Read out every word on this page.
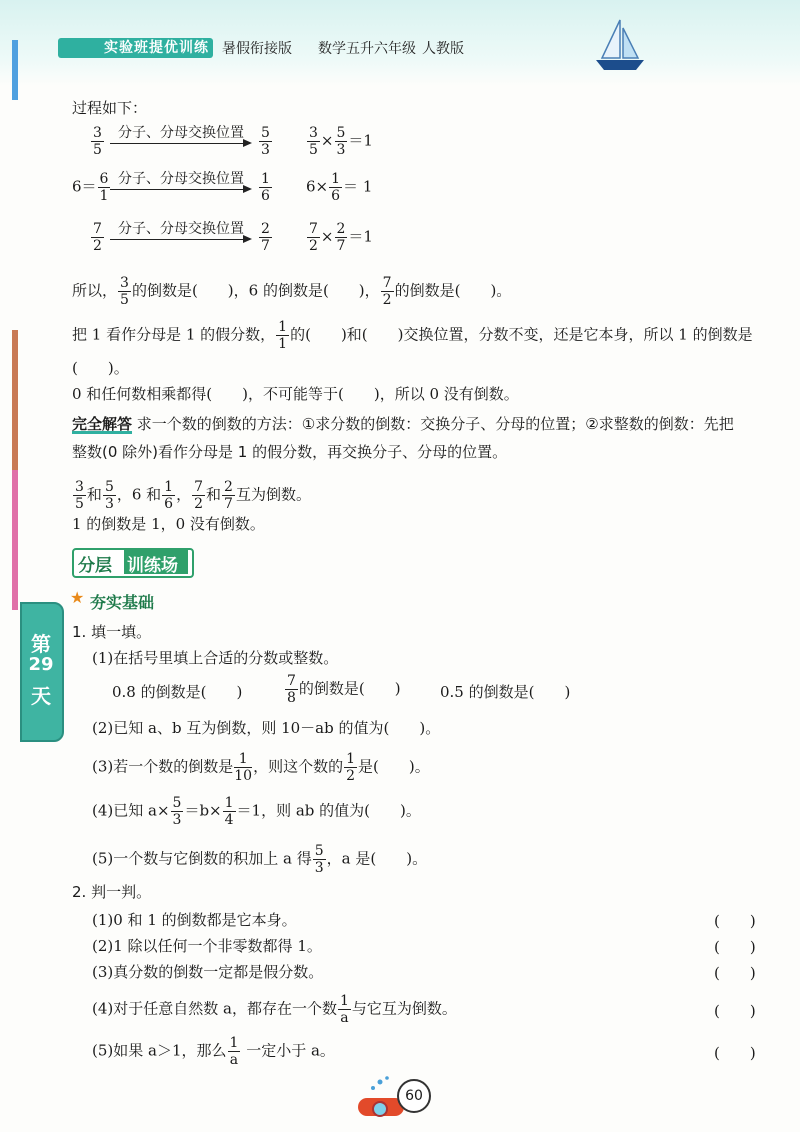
实验班提优训练 暑假衔接版 数学五升六年级 人教版
过程如下：
$\frac{3}{5}$ 分子、分母交换位置 $\frac{5}{3}$	$\frac{3}{5} \times \frac{5}{3} =1$
$6= \frac{6}{1}$ 分子、分母交换位置 $\frac{1}{6} 6\times \frac{1}{6} = 1$
$\frac{7}{2}$ 分子、分母交换位置 $\frac{2}{7}$	$\frac{7}{2} \times \frac{2}{7} =1$
所以， $\frac{3}{5}$ 的倒数是(　　)，6 的倒数是(　　)， $\frac{7}{2}$ 的倒数是(　　)。
把 1 看作分母是 1 的假分数， $\frac{1}{1}$ 的(　　)和(　　)交换位置，分数不变，还是它本身，所以 1 的倒数是
(　　)。
0 和任何数相乘都得(　　)，不可能等于(　　)，所以 0 没有倒数。
完全解答 求一个数的倒数的方法：①求分数的倒数：交换分子、分母的位置；②求整数的倒数：先把
整数(0 除外)看作分母是 1 的假分数，再交换分子、分母的位置。
$\frac{3}{5}$ 和 $\frac{5}{3}$ ，6 和 $\frac{1}{6}$ ， $\frac{7}{2}$ 和 $\frac{2}{7}$ 互为倒数。
1 的倒数是 1，0 没有倒数。
分层 训练场
★ 夯实基础
第
29
天
1. 填一填。
(1)在括号里填上合适的分数或整数。
0.8 的倒数是(　　)	$\frac{7}{8}$ 的倒数是(　　)	0.5 的倒数是(　　)
(2)已知 a、b 互为倒数，则 10－ab 的值为(　　)。
(3)若一个数的倒数是 $\frac{1}{10}$ ，则这个数的 $\frac{1}{2}$ 是(　　)。
(4)已知 $a\times \frac{5}{3} =b\times \frac{1}{4} =1$，则 ab 的值为(　　)。
(5)一个数与它倒数的积加上 a 得 $\frac{5}{3}$ ，a 是(　　)。
2. 判一判。
(1)0 和 1 的倒数都是它本身。	(　　)
(2)1 除以任何一个非零数都得 1。	(　　)
(3)真分数的倒数一定都是假分数。	(　　)
(4)对于任意自然数 a，都存在一个数 $\frac{1}{a}$ 与它互为倒数。	(　　)
(5)如果 a＞1，那么 $\frac{1}{a}$ 一定小于 a。	(　　)
60
